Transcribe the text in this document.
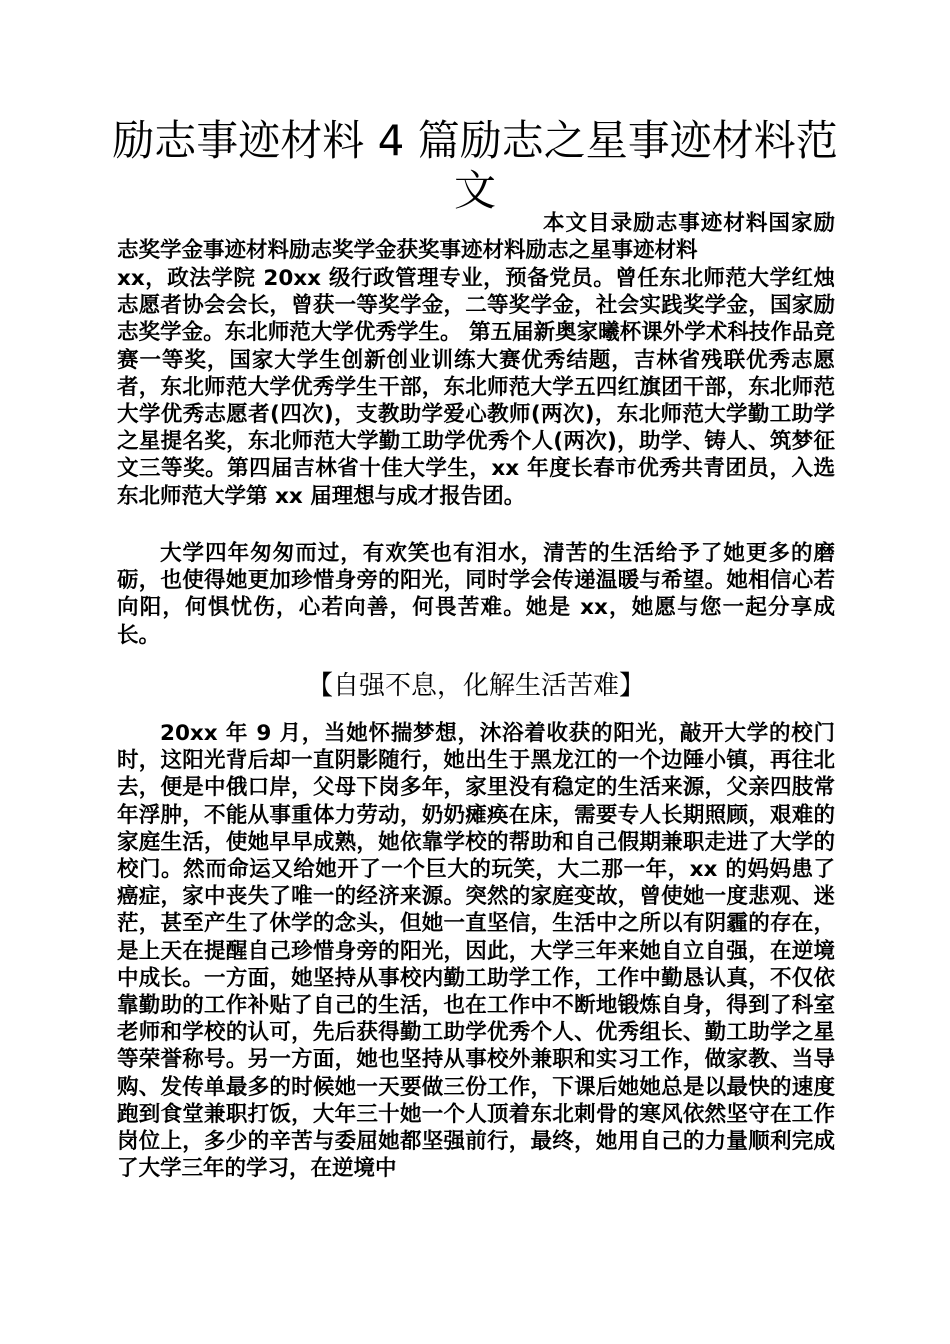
励志事迹材料 4 篇励志之星事迹材料范文

本文目录励志事迹材料国家励志奖学金事迹材料励志奖学金获奖事迹材料励志之星事迹材料

xx，政法学院 20xx 级行政管理专业，预备党员。曾任东北师范大学红烛志愿者协会会长，曾获一等奖学金，二等奖学金，社会实践奖学金，国家励志奖学金。东北师范大学优秀学生。 第五届新奥家曦杯课外学术科技作品竞赛一等奖，国家大学生创新创业训练大赛优秀结题，吉林省残联优秀志愿者，东北师范大学优秀学生干部，东北师范大学五四红旗团干部，东北师范大学优秀志愿者(四次)，支教助学爱心教师(两次)，东北师范大学勤工助学之星提名奖，东北师范大学勤工助学优秀个人(两次)，助学、铸人、筑梦征文三等奖。第四届吉林省十佳大学生，xx 年度长春市优秀共青团员，入选东北师范大学第 xx 届理想与成才报告团。

大学四年匆匆而过，有欢笑也有泪水，清苦的生活给予了她更多的磨砺，也使得她更加珍惜身旁的阳光，同时学会传递温暖与希望。她相信心若向阳，何惧忧伤，心若向善，何畏苦难。她是 xx，她愿与您一起分享成长。

【自强不息，化解生活苦难】

20xx 年 9 月，当她怀揣梦想，沐浴着收获的阳光，敲开大学的校门时，这阳光背后却一直阴影随行，她出生于黑龙江的一个边陲小镇，再往北去，便是中俄口岸，父母下岗多年，家里没有稳定的生活来源，父亲四肢常年浮肿，不能从事重体力劳动，奶奶瘫痪在床，需要专人长期照顾，艰难的家庭生活，使她早早成熟，她依靠学校的帮助和自己假期兼职走进了大学的校门。然而命运又给她开了一个巨大的玩笑，大二那一年，xx 的妈妈患了癌症，家中丧失了唯一的经济来源。突然的家庭变故，曾使她一度悲观、迷茫，甚至产生了休学的念头，但她一直坚信，生活中之所以有阴霾的存在，是上天在提醒自己珍惜身旁的阳光，因此，大学三年来她自立自强，在逆境中成长。一方面，她坚持从事校内勤工助学工作，工作中勤恳认真，不仅依靠勤助的工作补贴了自己的生活，也在工作中不断地锻炼自身，得到了科室老师和学校的认可，先后获得勤工助学优秀个人、优秀组长、勤工助学之星等荣誉称号。另一方面，她也坚持从事校外兼职和实习工作，做家教、当导购、发传单最多的时候她一天要做三份工作，下课后她她总是以最快的速度跑到食堂兼职打饭，大年三十她一个人顶着东北刺骨的寒风依然坚守在工作岗位上，多少的辛苦与委屈她都坚强前行，最终，她用自己的力量顺利完成了大学三年的学习，在逆境中
